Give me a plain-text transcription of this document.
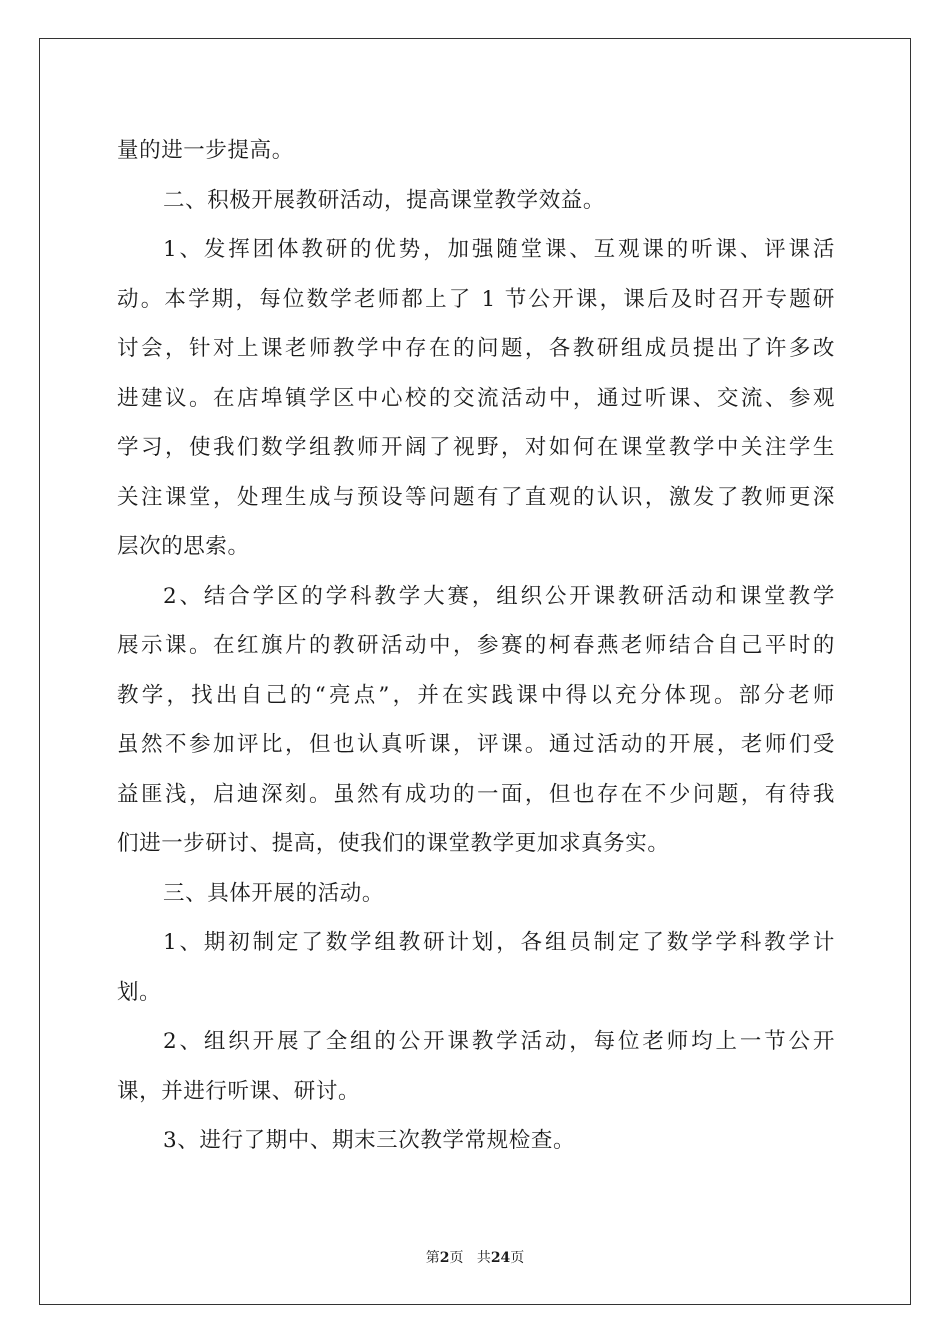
量的进一步提高。
二、积极开展教研活动，提高课堂教学效益。
1、发挥团体教研的优势，加强随堂课、互观课的听课、评课活
动。本学期，每位数学老师都上了 1 节公开课，课后及时召开专题研
讨会，针对上课老师教学中存在的问题，各教研组成员提出了许多改
进建议。在店埠镇学区中心校的交流活动中，通过听课、交流、参观
学习，使我们数学组教师开阔了视野，对如何在课堂教学中关注学生
关注课堂，处理生成与预设等问题有了直观的认识，激发了教师更深
层次的思索。
2、结合学区的学科教学大赛，组织公开课教研活动和课堂教学
展示课。在红旗片的教研活动中，参赛的柯春燕老师结合自己平时的
教学，找出自己的“亮点”，并在实践课中得以充分体现。部分老师
虽然不参加评比，但也认真听课，评课。通过活动的开展，老师们受
益匪浅，启迪深刻。虽然有成功的一面，但也存在不少问题，有待我
们进一步研讨、提高，使我们的课堂教学更加求真务实。
三、具体开展的活动。
1、期初制定了数学组教研计划，各组员制定了数学学科教学计
划。
2、组织开展了全组的公开课教学活动，每位老师均上一节公开
课，并进行听课、研讨。
3、进行了期中、期末三次教学常规检查。
第2页 共24页
